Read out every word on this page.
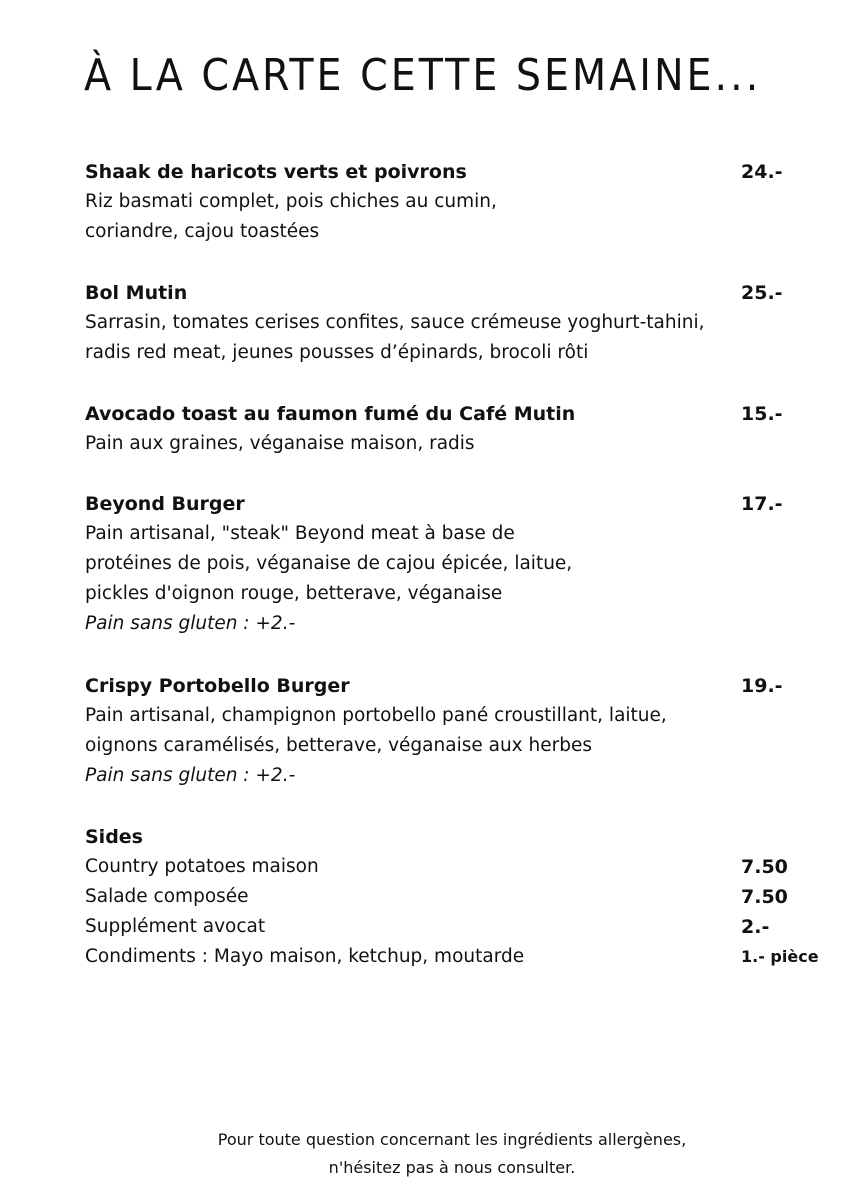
À LA CARTE CETTE SEMAINE...
Shaak de haricots verts et poivrons	24.-
Riz basmati complet, pois chiches au cumin,
coriandre, cajou toastées
Bol Mutin	25.-
Sarrasin, tomates cerises confites, sauce crémeuse yoghurt-tahini,
radis red meat, jeunes pousses d’épinards, brocoli rôti
Avocado toast au faumon fumé du Café Mutin	15.-
Pain aux graines, véganaise maison, radis
Beyond Burger	17.-
Pain artisanal, "steak" Beyond meat à base de
protéines de pois, véganaise de cajou épicée, laitue,
pickles d'oignon rouge, betterave, véganaise
Pain sans gluten : +2.-
Crispy Portobello Burger	19.-
Pain artisanal, champignon portobello pané croustillant, laitue,
oignons caramélisés, betterave, véganaise aux herbes
Pain sans gluten : +2.-
Sides
Country potatoes maison	7.50
Salade composée	7.50
Supplément avocat	2.-
Condiments : Mayo maison, ketchup, moutarde	1.- pièce
Pour toute question concernant les ingrédients allergènes,
n'hésitez pas à nous consulter.
